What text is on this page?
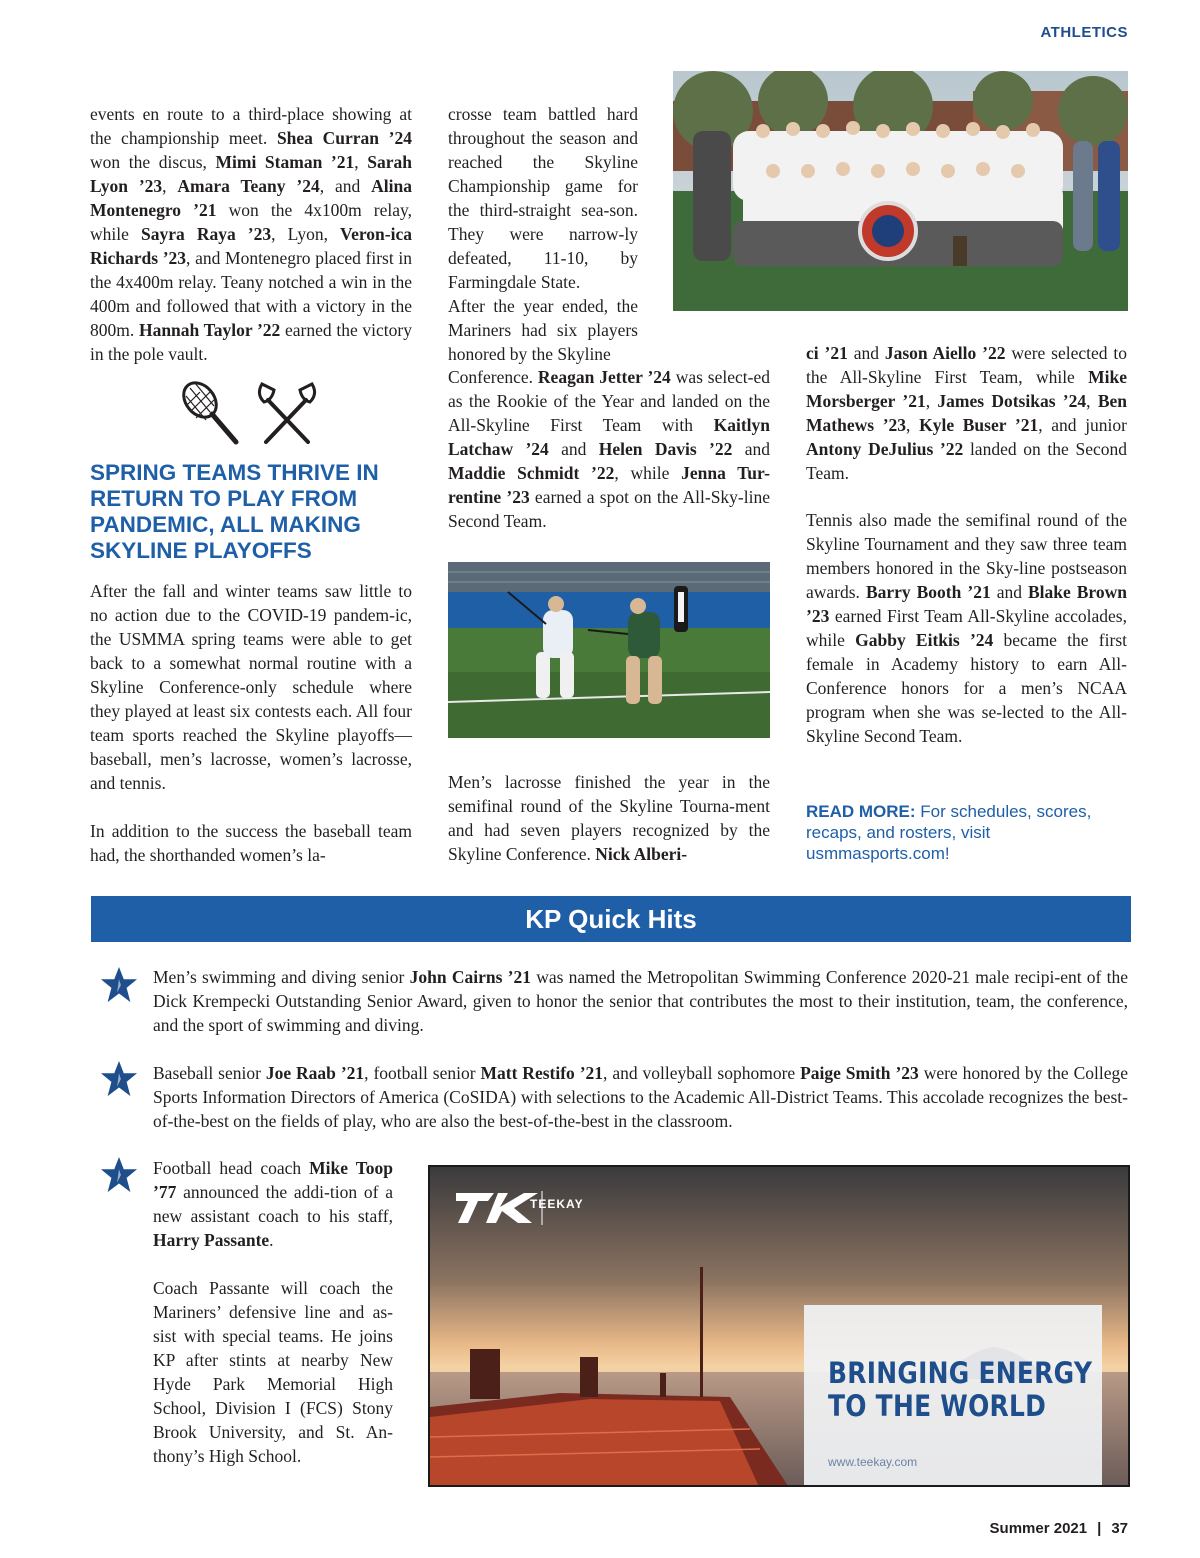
ATHLETICS

events en route to a third-place showing at the championship meet. Shea Curran ’24 won the discus, Mimi Staman ’21, Sarah Lyon ’23, Amara Teany ’24, and Alina Montenegro ’21 won the 4x100m relay, while Sayra Raya ’23, Lyon, Veron-ica Richards ’23, and Montenegro placed first in the 4x400m relay. Teany notched a win in the 400m and followed that with a victory in the 800m. Hannah Taylor ’22 earned the victory in the pole vault.

SPRING TEAMS THRIVE IN RETURN TO PLAY FROM PANDEMIC, ALL MAKING SKYLINE PLAYOFFS

After the fall and winter teams saw little to no action due to the COVID-19 pandem-ic, the USMMA spring teams were able to get back to a somewhat normal routine with a Skyline Conference-only schedule where they played at least six contests each. All four team sports reached the Skyline playoffs—baseball, men’s lacrosse, women’s lacrosse, and tennis.

In addition to the success the baseball team had, the shorthanded women’s la-

crosse team battled hard throughout the season and reached the Skyline Championship game for the third-straight sea-son. They were narrow-ly defeated, 11-10, by Farmingdale State.

After the year ended, the Mariners had six players honored by the Skyline

Conference. Reagan Jetter ’24 was select-ed as the Rookie of the Year and landed on the All-Skyline First Team with Kaitlyn Latchaw ’24 and Helen Davis ’22 and Maddie Schmidt ’22, while Jenna Tur-rentine ’23 earned a spot on the All-Sky-line Second Team.

Men’s lacrosse finished the year in the semifinal round of the Skyline Tourna-ment and had seven players recognized by the Skyline Conference. Nick Alberi-

ci ’21 and Jason Aiello ’22 were selected to the All-Skyline First Team, while Mike Morsberger ’21, James Dotsikas ’24, Ben Mathews ’23, Kyle Buser ’21, and junior Antony DeJulius ’22 landed on the Second Team.

Tennis also made the semifinal round of the Skyline Tournament and they saw three team members honored in the Sky-line postseason awards. Barry Booth ’21 and Blake Brown ’23 earned First Team All-Skyline accolades, while Gabby Eitkis ’24 became the first female in Academy history to earn All-Conference honors for a men’s NCAA program when she was se-lected to the All-Skyline Second Team.

READ MORE: For schedules, scores, recaps, and rosters, visit usmmasports.com!
KP Quick Hits
Men’s swimming and diving senior John Cairns ’21 was named the Metropolitan Swimming Conference 2020-21 male recipi-ent of the Dick Krempecki Outstanding Senior Award, given to honor the senior that contributes the most to their institution, team, the conference, and the sport of swimming and diving.
Baseball senior Joe Raab ’21, football senior Matt Restifo ’21, and volleyball sophomore Paige Smith ’23 were honored by the College Sports Information Directors of America (CoSIDA) with selections to the Academic All-District Teams. This accolade recognizes the best-of-the-best on the fields of play, who are also the best-of-the-best in the classroom.

Football head coach Mike Toop ’77 announced the addi-tion of a new assistant coach to his staff, Harry Passante.

Coach Passante will coach the Mariners’ defensive line and as-sist with special teams. He joins KP after stints at nearby New Hyde Park Memorial High School, Division I (FCS) Stony Brook University, and St. An-thony’s High School.

TEEKAY
BRINGING ENERGY
TO THE WORLD
www.teekay.com
Summer 2021 | 37
